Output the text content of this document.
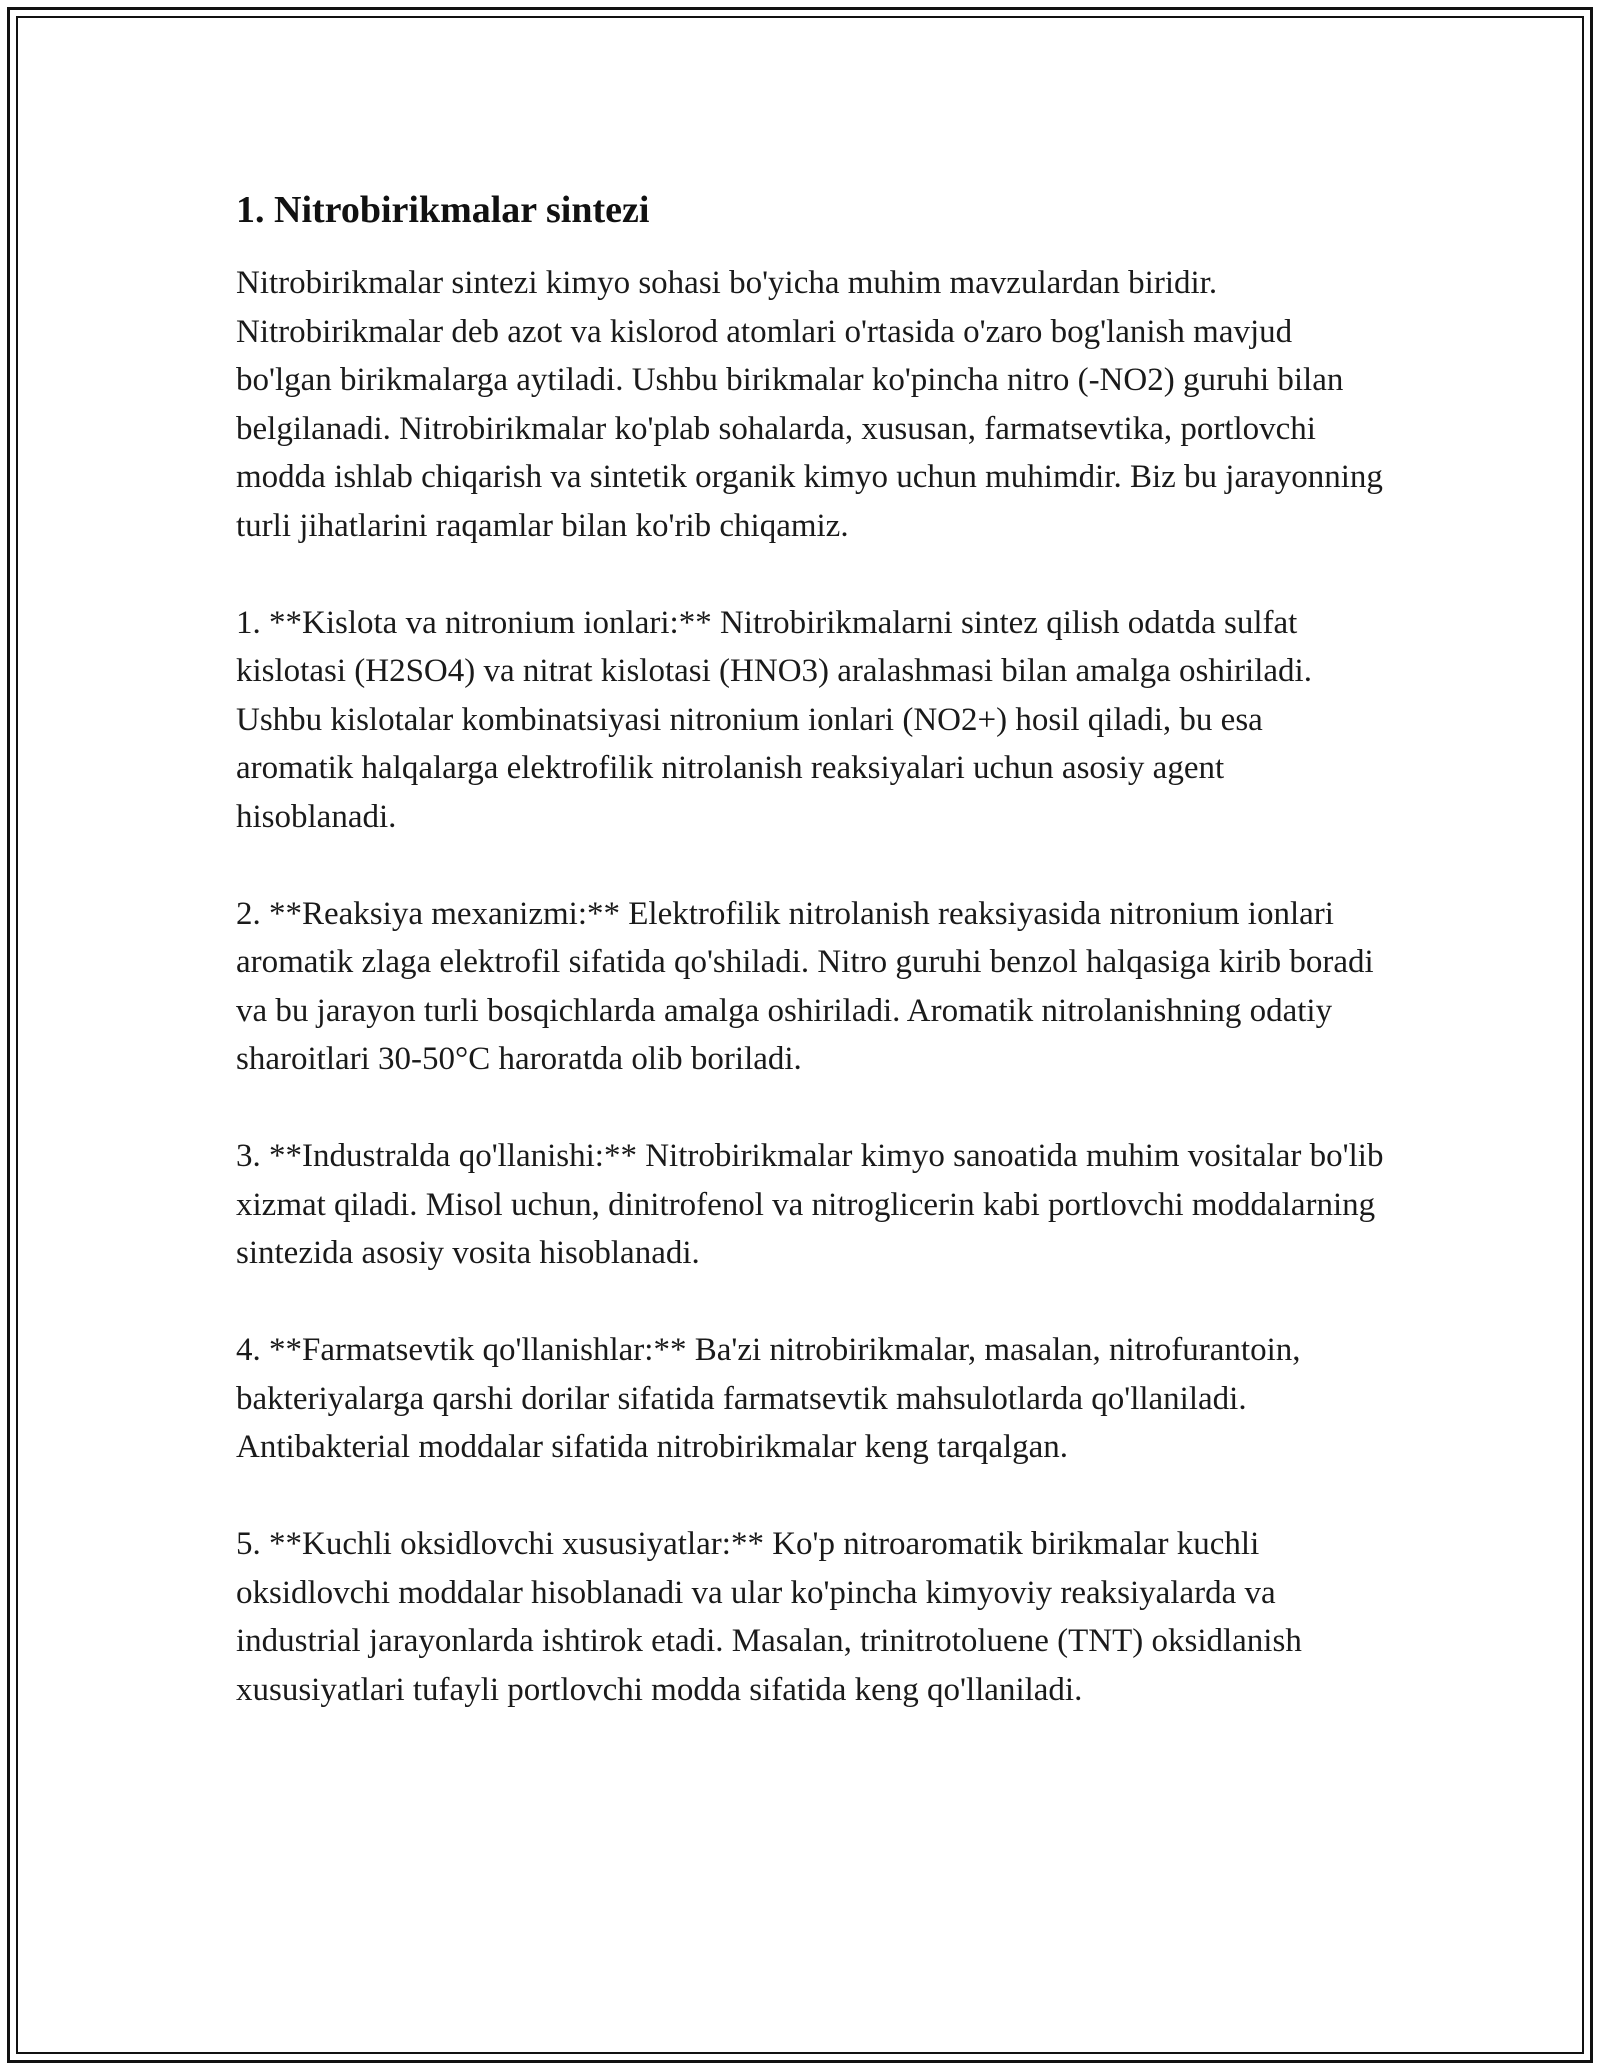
1. Nitrobirikmalar sintezi

Nitrobirikmalar sintezi kimyo sohasi bo'yicha muhim mavzulardan biridir. Nitrobirikmalar deb azot va kislorod atomlari o'rtasida o'zaro bog'lanish mavjud bo'lgan birikmalarga aytiladi. Ushbu birikmalar ko'pincha nitro (-NO2) guruhi bilan belgilanadi. Nitrobirikmalar ko'plab sohalarda, xususan, farmatsevtika, portlovchi modda ishlab chiqarish va sintetik organik kimyo uchun muhimdir. Biz bu jarayonning turli jihatlarini raqamlar bilan ko'rib chiqamiz.

1. **Kislota va nitronium ionlari:** Nitrobirikmalarni sintez qilish odatda sulfat kislotasi (H2SO4) va nitrat kislotasi (HNO3) aralashmasi bilan amalga oshiriladi. Ushbu kislotalar kombinatsiyasi nitronium ionlari (NO2+) hosil qiladi, bu esa aromatik halqalarga elektrofilik nitrolanish reaksiyalari uchun asosiy agent hisoblanadi.

2. **Reaksiya mexanizmi:** Elektrofilik nitrolanish reaksiyasida nitronium ionlari aromatik zlaga elektrofil sifatida qo'shiladi. Nitro guruhi benzol halqasiga kirib boradi va bu jarayon turli bosqichlarda amalga oshiriladi. Aromatik nitrolanishning odatiy sharoitlari 30-50°C haroratda olib boriladi.

3. **Industralda qo'llanishi:** Nitrobirikmalar kimyo sanoatida muhim vositalar bo'lib xizmat qiladi. Misol uchun, dinitrofenol va nitroglicerin kabi portlovchi moddalarning sintezida asosiy vosita hisoblanadi.

4. **Farmatsevtik qo'llanishlar:** Ba'zi nitrobirikmalar, masalan, nitrofurantoin, bakteriyalarga qarshi dorilar sifatida farmatsevtik mahsulotlarda qo'llaniladi. Antibakterial moddalar sifatida nitrobirikmalar keng tarqalgan.

5. **Kuchli oksidlovchi xususiyatlar:** Ko'p nitroaromatik birikmalar kuchli oksidlovchi moddalar hisoblanadi va ular ko'pincha kimyoviy reaksiyalarda va industrial jarayonlarda ishtirok etadi. Masalan, trinitrotoluene (TNT) oksidlanish xususiyatlari tufayli portlovchi modda sifatida keng qo'llaniladi.
